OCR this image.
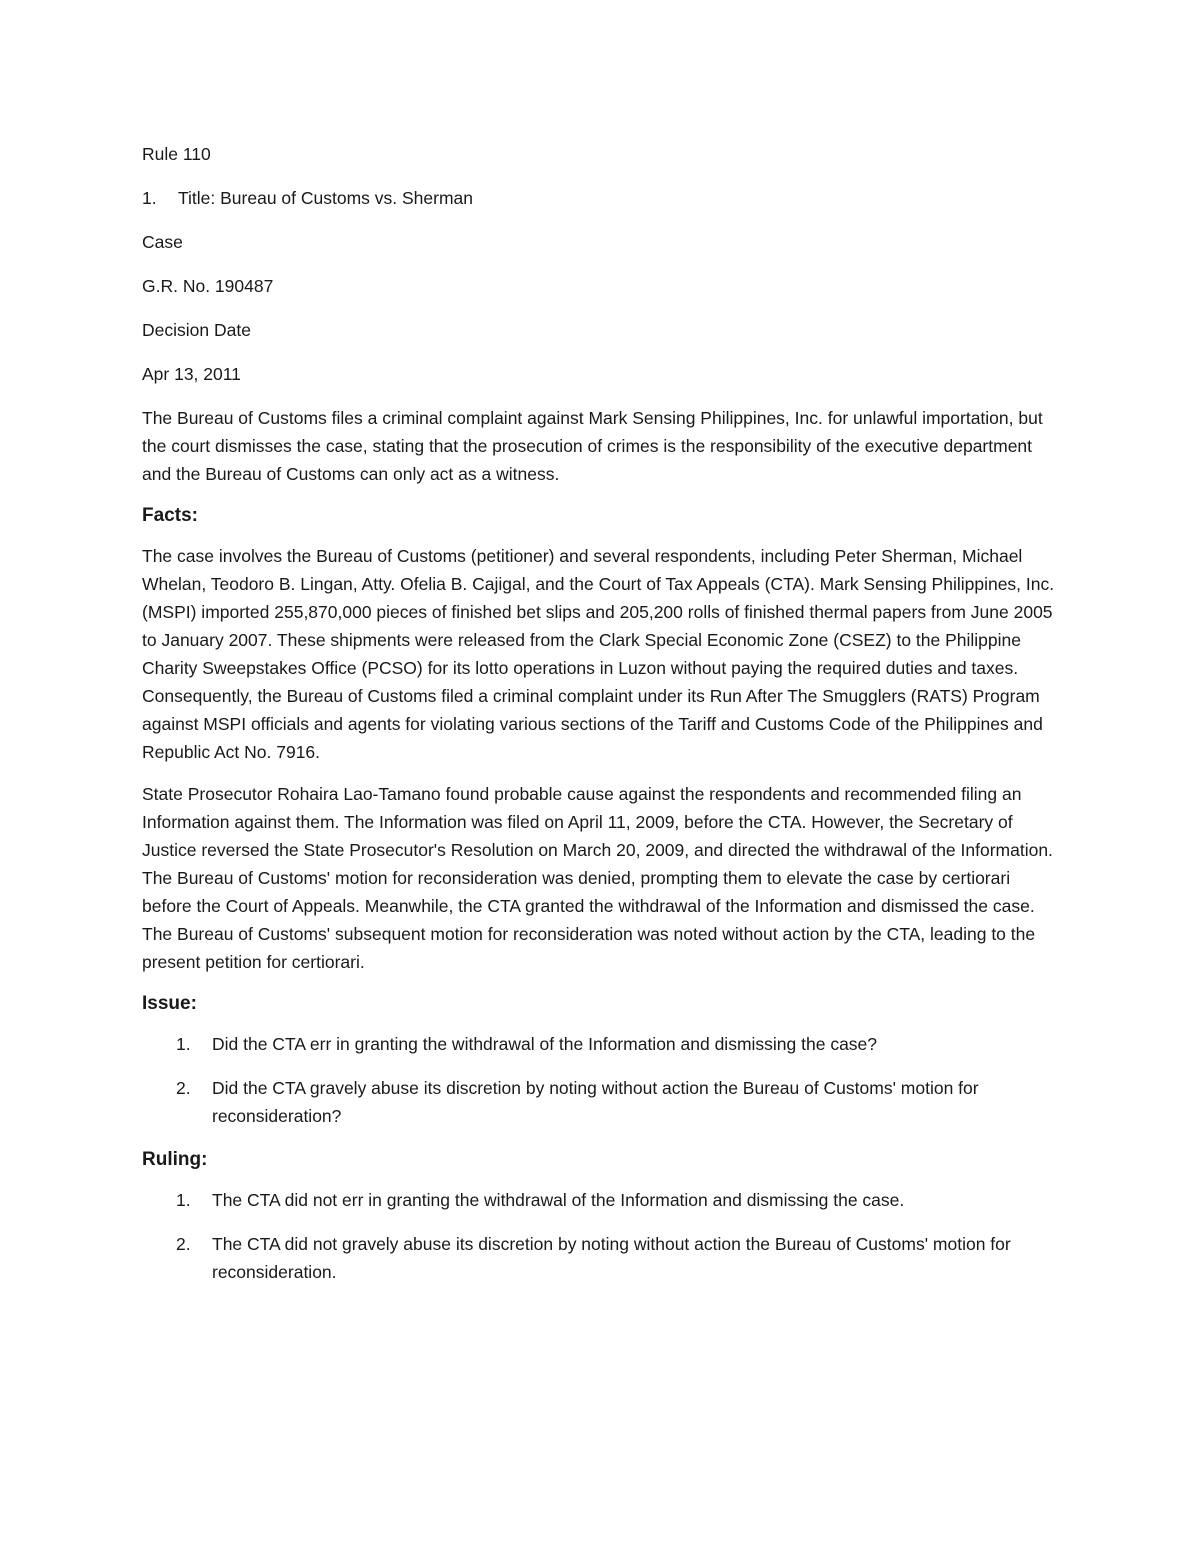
Rule 110
1.	Title: Bureau of Customs vs. Sherman
Case
G.R. No. 190487
Decision Date
Apr 13, 2011

The Bureau of Customs files a criminal complaint against Mark Sensing Philippines, Inc. for unlawful importation, but the court dismisses the case, stating that the prosecution of crimes is the responsibility of the executive department and the Bureau of Customs can only act as a witness.

Facts:

The case involves the Bureau of Customs (petitioner) and several respondents, including Peter Sherman, Michael Whelan, Teodoro B. Lingan, Atty. Ofelia B. Cajigal, and the Court of Tax Appeals (CTA). Mark Sensing Philippines, Inc. (MSPI) imported 255,870,000 pieces of finished bet slips and 205,200 rolls of finished thermal papers from June 2005 to January 2007. These shipments were released from the Clark Special Economic Zone (CSEZ) to the Philippine Charity Sweepstakes Office (PCSO) for its lotto operations in Luzon without paying the required duties and taxes. Consequently, the Bureau of Customs filed a criminal complaint under its Run After The Smugglers (RATS) Program against MSPI officials and agents for violating various sections of the Tariff and Customs Code of the Philippines and Republic Act No. 7916.

State Prosecutor Rohaira Lao-Tamano found probable cause against the respondents and recommended filing an Information against them. The Information was filed on April 11, 2009, before the CTA. However, the Secretary of Justice reversed the State Prosecutor's Resolution on March 20, 2009, and directed the withdrawal of the Information. The Bureau of Customs' motion for reconsideration was denied, prompting them to elevate the case by certiorari before the Court of Appeals. Meanwhile, the CTA granted the withdrawal of the Information and dismissed the case. The Bureau of Customs' subsequent motion for reconsideration was noted without action by the CTA, leading to the present petition for certiorari.

Issue:
1.	Did the CTA err in granting the withdrawal of the Information and dismissing the case?
2.	Did the CTA gravely abuse its discretion by noting without action the Bureau of Customs' motion for reconsideration?
Ruling:
1.	The CTA did not err in granting the withdrawal of the Information and dismissing the case.
2.	The CTA did not gravely abuse its discretion by noting without action the Bureau of Customs' motion for reconsideration.
